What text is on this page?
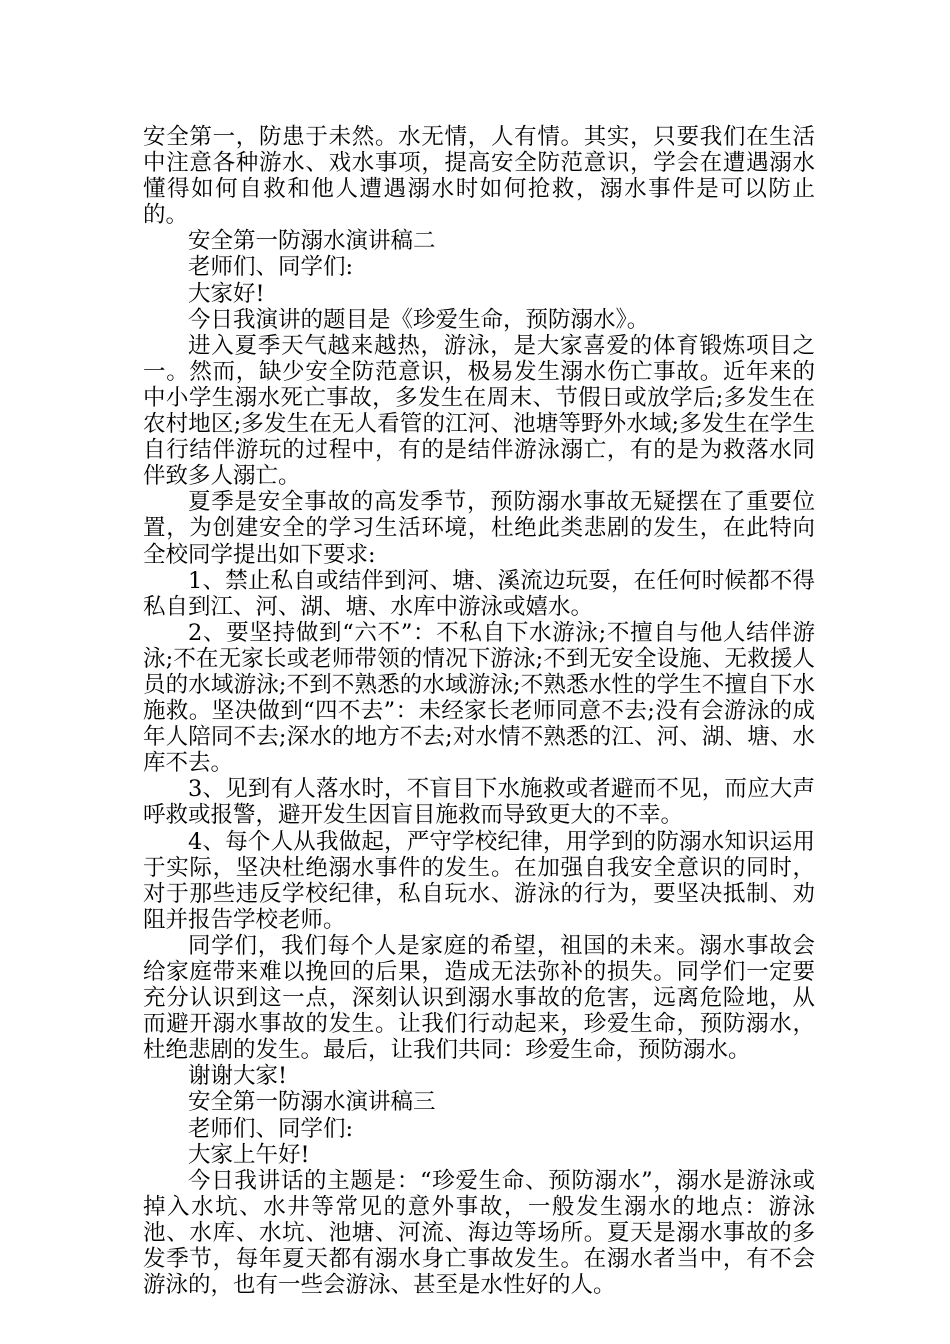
安全第一，防患于未然。水无情，人有情。其实，只要我们在生活中注意各种游水、戏水事项，提高安全防范意识，学会在遭遇溺水懂得如何自救和他人遭遇溺水时如何抢救，溺水事件是可以防止的。

安全第一防溺水演讲稿二

老师们、同学们:

大家好!

今日我演讲的题目是《珍爱生命，预防溺水》。

进入夏季天气越来越热，游泳，是大家喜爱的体育锻炼项目之一。然而，缺少安全防范意识，极易发生溺水伤亡事故。近年来的中小学生溺水死亡事故，多发生在周末、节假日或放学后;多发生在农村地区;多发生在无人看管的江河、池塘等野外水域;多发生在学生自行结伴游玩的过程中，有的是结伴游泳溺亡，有的是为救落水同伴致多人溺亡。

夏季是安全事故的高发季节，预防溺水事故无疑摆在了重要位置，为创建安全的学习生活环境，杜绝此类悲剧的发生，在此特向全校同学提出如下要求:

1、禁止私自或结伴到河、塘、溪流边玩耍，在任何时候都不得私自到江、河、湖、塘、水库中游泳或嬉水。

2、要坚持做到“六不”：不私自下水游泳;不擅自与他人结伴游泳;不在无家长或老师带领的情况下游泳;不到无安全设施、无救援人员的水域游泳;不到不熟悉的水域游泳;不熟悉水性的学生不擅自下水施救。坚决做到“四不去”：未经家长老师同意不去;没有会游泳的成年人陪同不去;深水的地方不去;对水情不熟悉的江、河、湖、塘、水库不去。

3、见到有人落水时，不盲目下水施救或者避而不见，而应大声呼救或报警，避开发生因盲目施救而导致更大的不幸。

4、每个人从我做起，严守学校纪律，用学到的防溺水知识运用于实际，坚决杜绝溺水事件的发生。在加强自我安全意识的同时，对于那些违反学校纪律，私自玩水、游泳的行为，要坚决抵制、劝阻并报告学校老师。

同学们，我们每个人是家庭的希望，祖国的未来。溺水事故会给家庭带来难以挽回的后果，造成无法弥补的损失。同学们一定要充分认识到这一点，深刻认识到溺水事故的危害，远离危险地，从而避开溺水事故的发生。让我们行动起来，珍爱生命，预防溺水，杜绝悲剧的发生。最后，让我们共同：珍爱生命，预防溺水。

谢谢大家!

安全第一防溺水演讲稿三

老师们、同学们:

大家上午好!

今日我讲话的主题是：“珍爱生命、预防溺水”，溺水是游泳或掉入水坑、水井等常见的意外事故，一般发生溺水的地点：游泳池、水库、水坑、池塘、河流、海边等场所。夏天是溺水事故的多发季节，每年夏天都有溺水身亡事故发生。在溺水者当中，有不会游泳的，也有一些会游泳、甚至是水性好的人。
